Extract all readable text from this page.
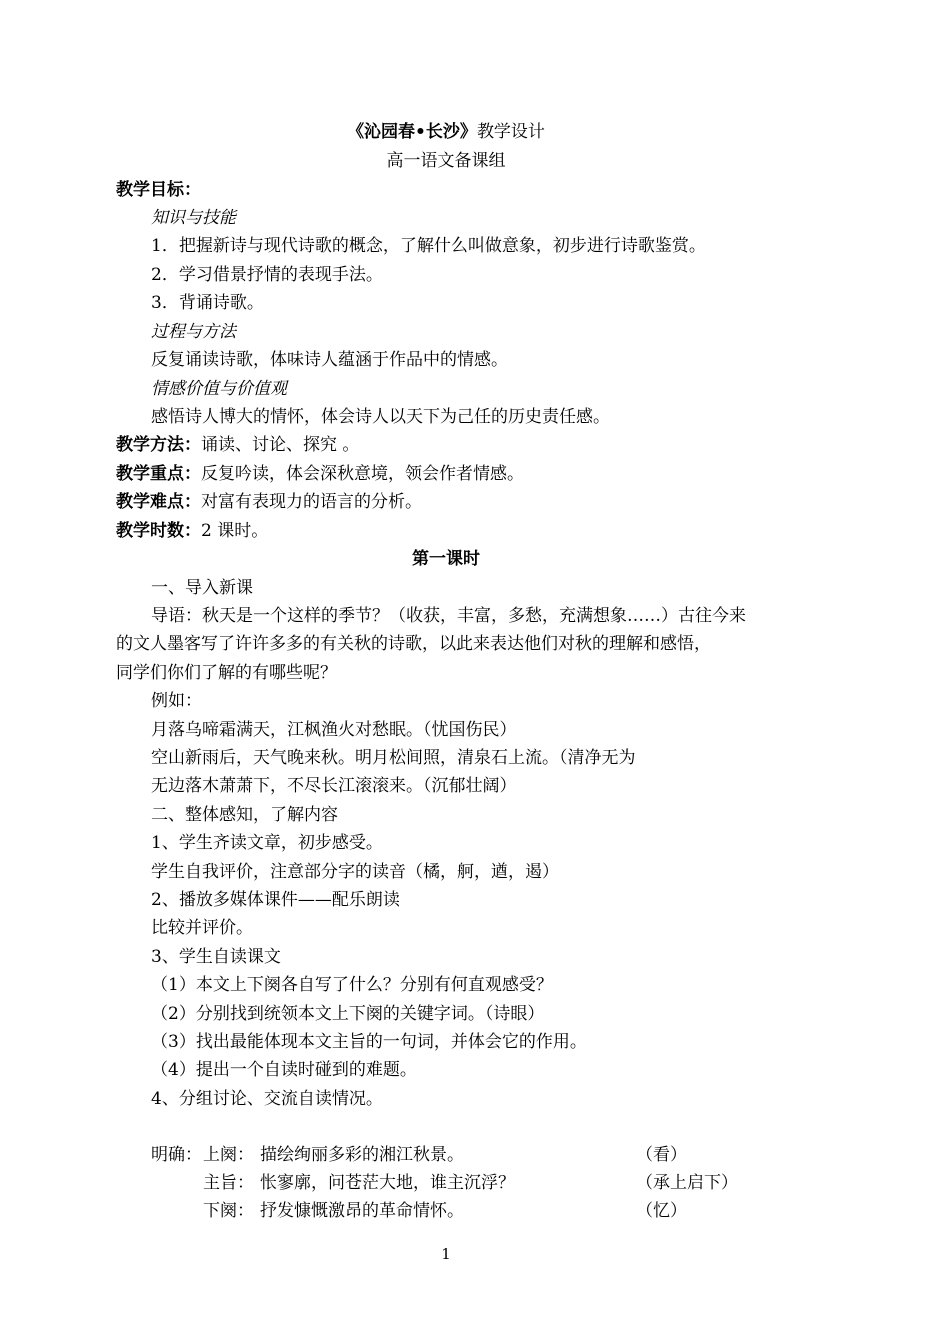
《沁园春•长沙》教学设计
高一语文备课组
教学目标：
知识与技能
1．把握新诗与现代诗歌的概念，了解什么叫做意象，初步进行诗歌鉴赏。
2．学习借景抒情的表现手法。
3．背诵诗歌。
过程与方法
反复诵读诗歌，体味诗人蕴涵于作品中的情感。
情感价值与价值观
感悟诗人博大的情怀，体会诗人以天下为己任的历史责任感。
教学方法：诵读、讨论、探究 。
教学重点：反复吟读，体会深秋意境，领会作者情感。
教学难点：对富有表现力的语言的分析。
教学时数：2 课时。
第一课时
一、导入新课
导语：秋天是一个这样的季节？（收获，丰富，多愁，充满想象……）古往今来
的文人墨客写了许许多多的有关秋的诗歌，以此来表达他们对秋的理解和感悟，
同学们你们了解的有哪些呢？
例如：
月落乌啼霜满天，江枫渔火对愁眠。（忧国伤民）
空山新雨后，天气晚来秋。明月松间照，清泉石上流。（清净无为
无边落木萧萧下，不尽长江滚滚来。（沉郁壮阔）
二、整体感知，了解内容
1、学生齐读文章，初步感受。
学生自我评价，注意部分字的读音（橘，舸，遒，遏）
2、播放多媒体课件——配乐朗读
比较并评价。
3、学生自读课文
（1）本文上下阕各自写了什么？分别有何直观感受？
（2）分别找到统领本文上下阕的关键字词。（诗眼）
（3）找出最能体现本文主旨的一句词，并体会它的作用。
（4）提出一个自读时碰到的难题。
4、分组讨论、交流自读情况。
明确： 上阕： 描绘绚丽多彩的湘江秋景。	（看）
主旨： 怅寥廓，问苍茫大地，谁主沉浮？	（承上启下）
下阕： 抒发慷慨激昂的革命情怀。	（忆）
1
